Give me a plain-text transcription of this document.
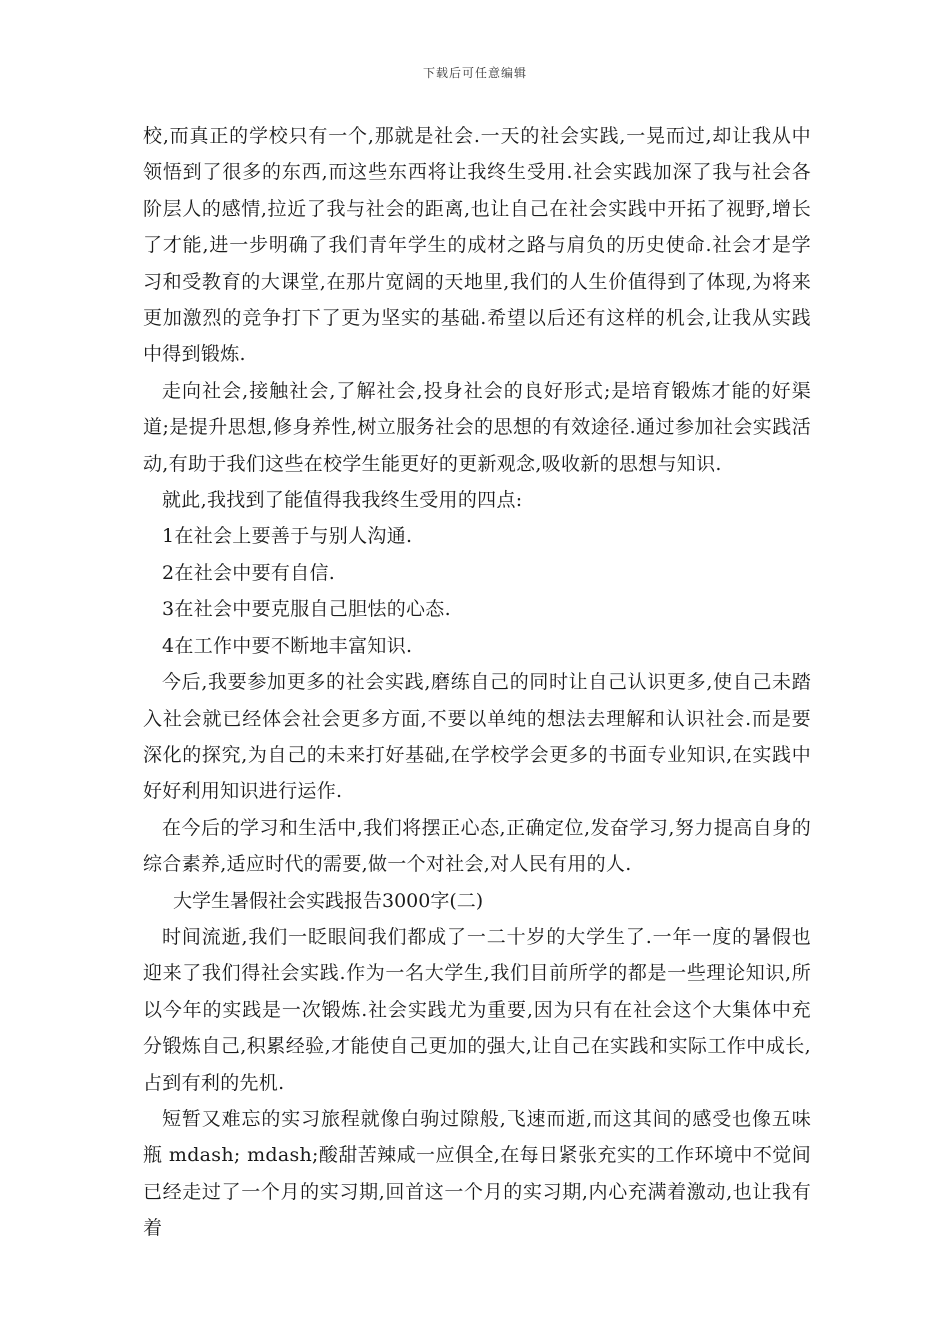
下载后可任意编辑

校,而真正的学校只有一个,那就是社会.一天的社会实践,一晃而过,却让我从中领悟到了很多的东西,而这些东西将让我终生受用.社会实践加深了我与社会各阶层人的感情,拉近了我与社会的距离,也让自己在社会实践中开拓了视野,增长了才能,进一步明确了我们青年学生的成材之路与肩负的历史使命.社会才是学习和受教育的大课堂,在那片宽阔的天地里,我们的人生价值得到了体现,为将来更加激烈的竞争打下了更为坚实的基础.希望以后还有这样的机会,让我从实践中得到锻炼.

走向社会,接触社会,了解社会,投身社会的良好形式;是培育锻炼才能的好渠道;是提升思想,修身养性,树立服务社会的思想的有效途径.通过参加社会实践活动,有助于我们这些在校学生能更好的更新观念,吸收新的思想与知识.

就此,我找到了能值得我我终生受用的四点:

1在社会上要善于与别人沟通.

2在社会中要有自信.

3在社会中要克服自己胆怯的心态.

4在工作中要不断地丰富知识.

今后,我要参加更多的社会实践,磨练自己的同时让自己认识更多,使自己未踏入社会就已经体会社会更多方面,不要以单纯的想法去理解和认识社会.而是要深化的探究,为自己的未来打好基础,在学校学会更多的书面专业知识,在实践中好好利用知识进行运作.

在今后的学习和生活中,我们将摆正心态,正确定位,发奋学习,努力提高自身的综合素养,适应时代的需要,做一个对社会,对人民有用的人.

大学生暑假社会实践报告3000字(二)

时间流逝,我们一眨眼间我们都成了一二十岁的大学生了.一年一度的暑假也迎来了我们得社会实践.作为一名大学生,我们目前所学的都是一些理论知识,所以今年的实践是一次锻炼.社会实践尤为重要,因为只有在社会这个大集体中充分锻炼自己,积累经验,才能使自己更加的强大,让自己在实践和实际工作中成长,占到有利的先机.

短暂又难忘的实习旅程就像白驹过隙般,飞速而逝,而这其间的感受也像五味瓶 mdash; mdash;酸甜苦辣咸一应俱全,在每日紧张充实的工作环境中不觉间已经走过了一个月的实习期,回首这一个月的实习期,内心充满着激动,也让我有着
